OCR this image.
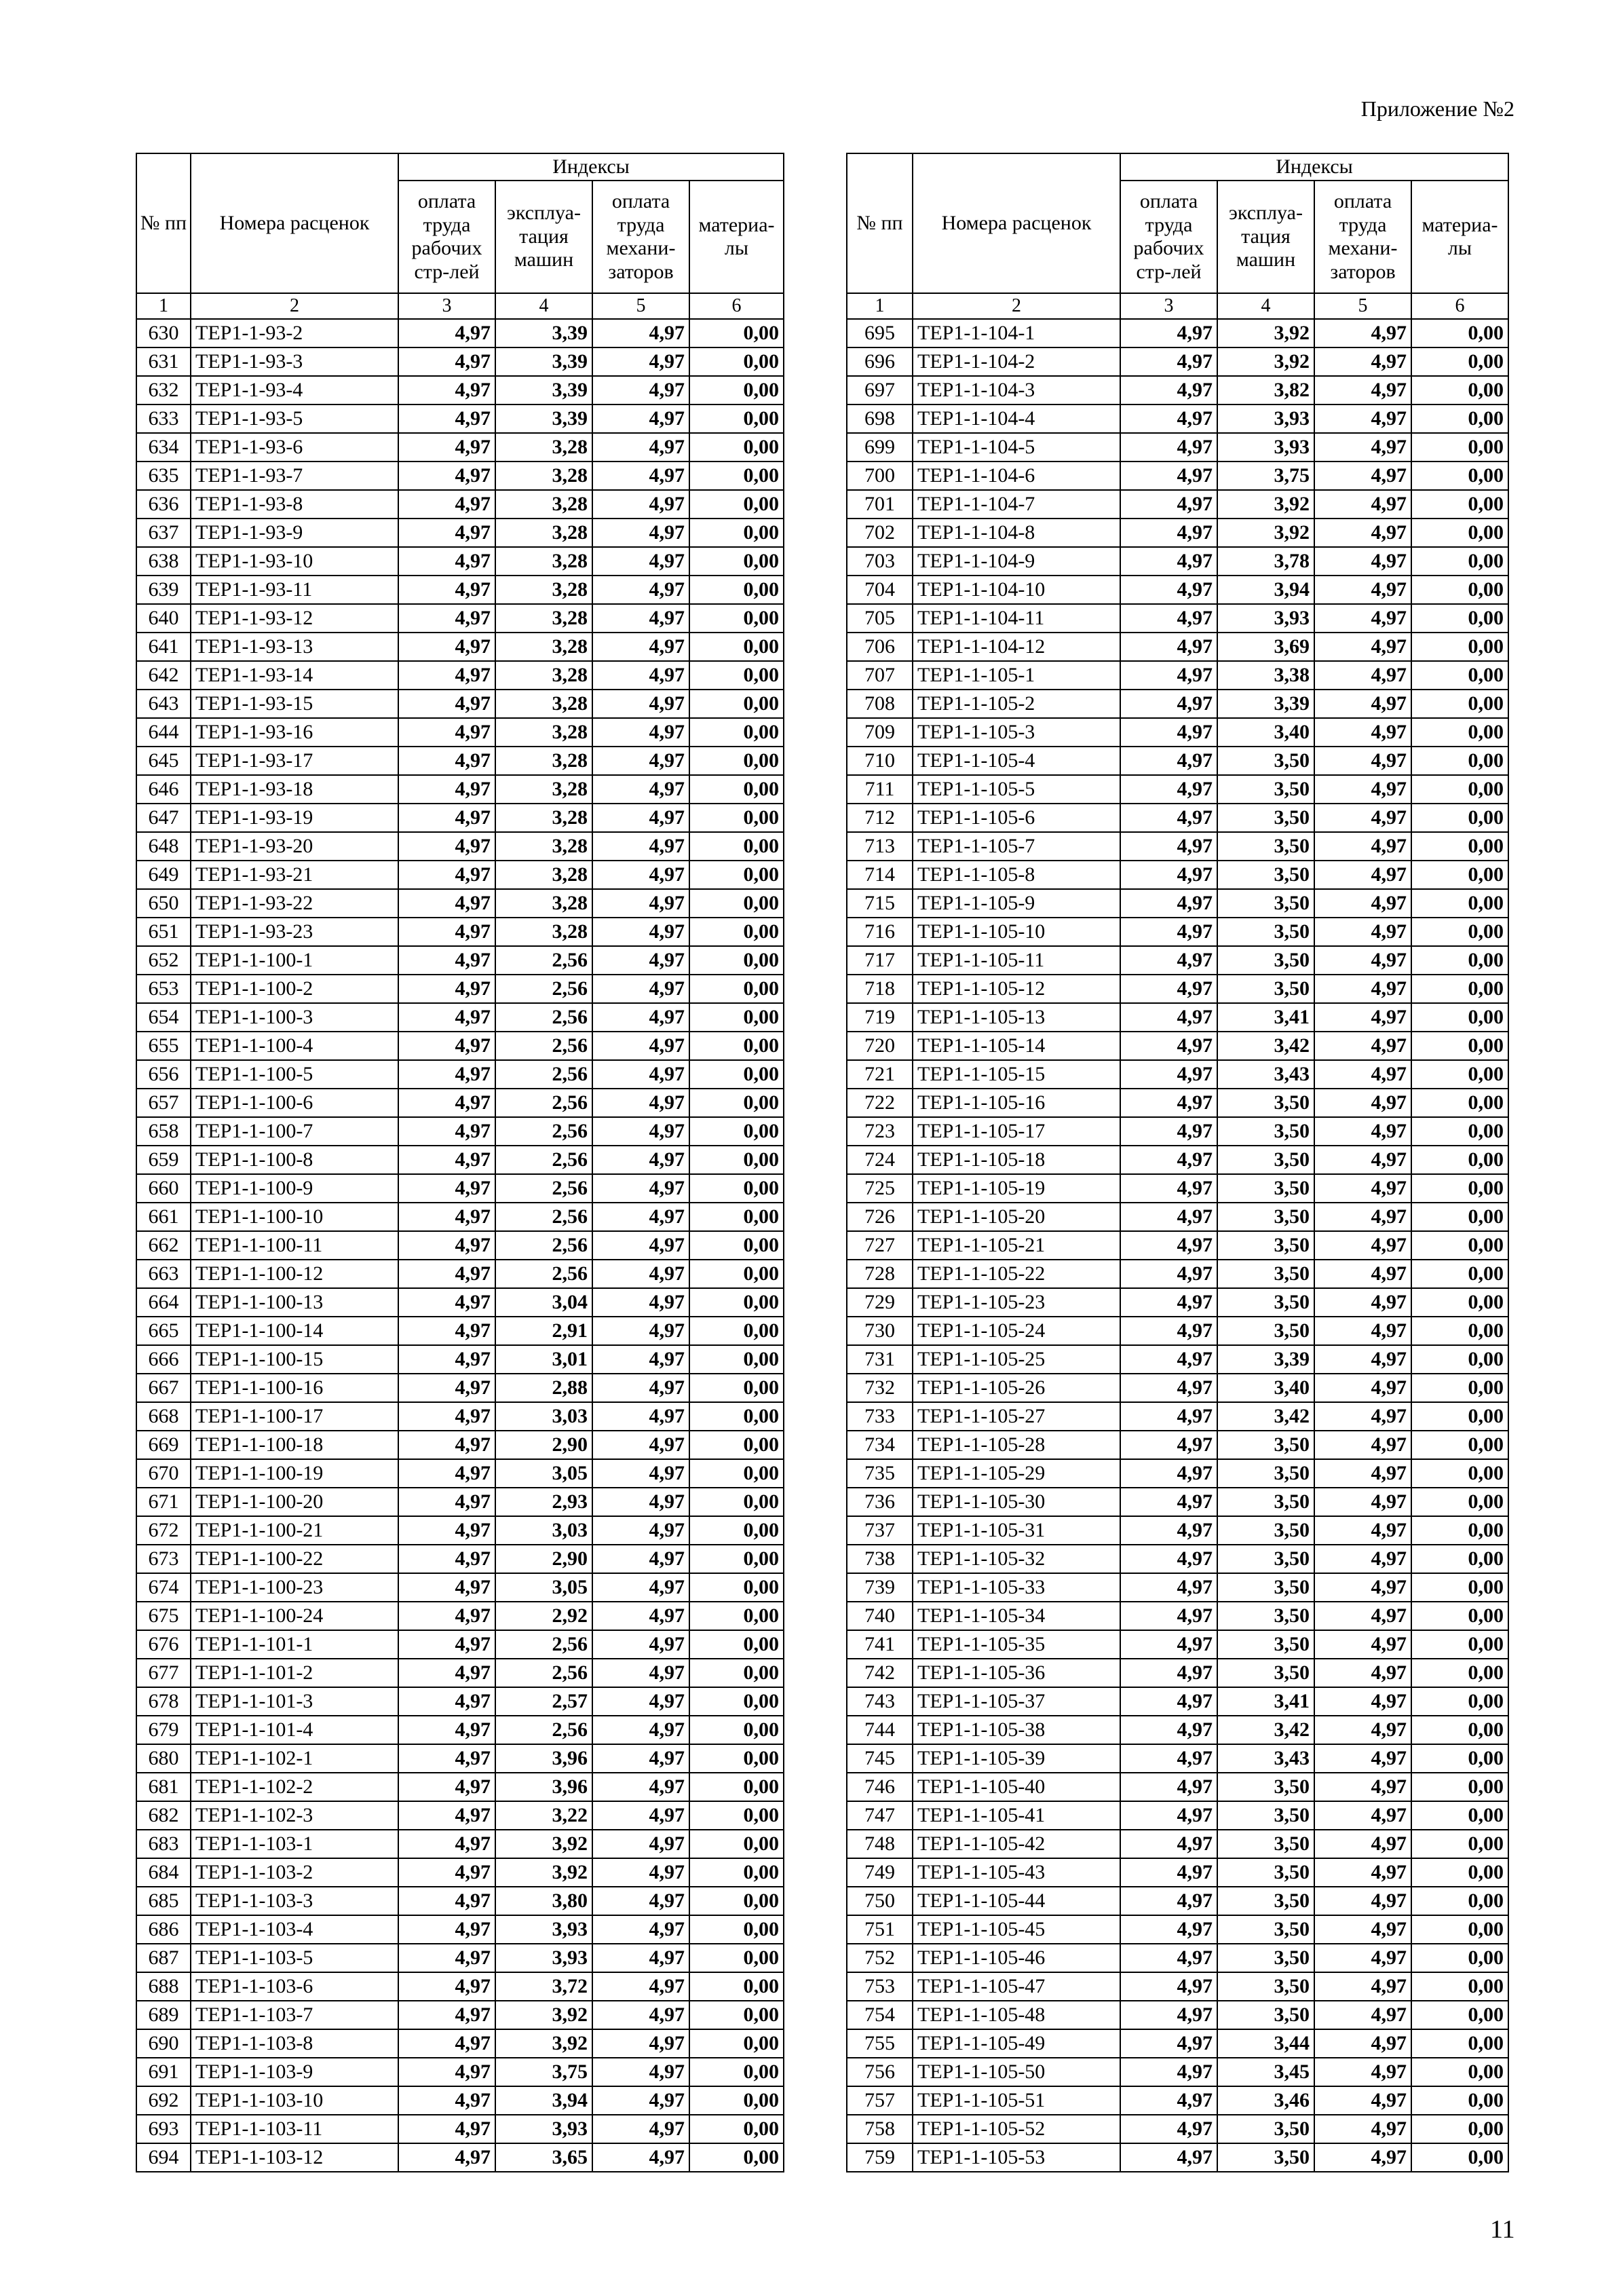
Приложение №2
№ пп	Номера расценок	Индексы			
		оплата труда рабочих стр-лей	эксплуа-тация машин	оплата труда механи-заторов	материа-лы
1	2	3	4	5	6
630	ТЕР1-1-93-2	4,97	3,39	4,97	0,00
631	ТЕР1-1-93-3	4,97	3,39	4,97	0,00
632	ТЕР1-1-93-4	4,97	3,39	4,97	0,00
633	ТЕР1-1-93-5	4,97	3,39	4,97	0,00
634	ТЕР1-1-93-6	4,97	3,28	4,97	0,00
635	ТЕР1-1-93-7	4,97	3,28	4,97	0,00
636	ТЕР1-1-93-8	4,97	3,28	4,97	0,00
637	ТЕР1-1-93-9	4,97	3,28	4,97	0,00
638	ТЕР1-1-93-10	4,97	3,28	4,97	0,00
639	ТЕР1-1-93-11	4,97	3,28	4,97	0,00
640	ТЕР1-1-93-12	4,97	3,28	4,97	0,00
641	ТЕР1-1-93-13	4,97	3,28	4,97	0,00
642	ТЕР1-1-93-14	4,97	3,28	4,97	0,00
643	ТЕР1-1-93-15	4,97	3,28	4,97	0,00
644	ТЕР1-1-93-16	4,97	3,28	4,97	0,00
645	ТЕР1-1-93-17	4,97	3,28	4,97	0,00
646	ТЕР1-1-93-18	4,97	3,28	4,97	0,00
647	ТЕР1-1-93-19	4,97	3,28	4,97	0,00
648	ТЕР1-1-93-20	4,97	3,28	4,97	0,00
649	ТЕР1-1-93-21	4,97	3,28	4,97	0,00
650	ТЕР1-1-93-22	4,97	3,28	4,97	0,00
651	ТЕР1-1-93-23	4,97	3,28	4,97	0,00
652	ТЕР1-1-100-1	4,97	2,56	4,97	0,00
653	ТЕР1-1-100-2	4,97	2,56	4,97	0,00
654	ТЕР1-1-100-3	4,97	2,56	4,97	0,00
655	ТЕР1-1-100-4	4,97	2,56	4,97	0,00
656	ТЕР1-1-100-5	4,97	2,56	4,97	0,00
657	ТЕР1-1-100-6	4,97	2,56	4,97	0,00
658	ТЕР1-1-100-7	4,97	2,56	4,97	0,00
659	ТЕР1-1-100-8	4,97	2,56	4,97	0,00
660	ТЕР1-1-100-9	4,97	2,56	4,97	0,00
661	ТЕР1-1-100-10	4,97	2,56	4,97	0,00
662	ТЕР1-1-100-11	4,97	2,56	4,97	0,00
663	ТЕР1-1-100-12	4,97	2,56	4,97	0,00
664	ТЕР1-1-100-13	4,97	3,04	4,97	0,00
665	ТЕР1-1-100-14	4,97	2,91	4,97	0,00
666	ТЕР1-1-100-15	4,97	3,01	4,97	0,00
667	ТЕР1-1-100-16	4,97	2,88	4,97	0,00
668	ТЕР1-1-100-17	4,97	3,03	4,97	0,00
669	ТЕР1-1-100-18	4,97	2,90	4,97	0,00
670	ТЕР1-1-100-19	4,97	3,05	4,97	0,00
671	ТЕР1-1-100-20	4,97	2,93	4,97	0,00
672	ТЕР1-1-100-21	4,97	3,03	4,97	0,00
673	ТЕР1-1-100-22	4,97	2,90	4,97	0,00
674	ТЕР1-1-100-23	4,97	3,05	4,97	0,00
675	ТЕР1-1-100-24	4,97	2,92	4,97	0,00
676	ТЕР1-1-101-1	4,97	2,56	4,97	0,00
677	ТЕР1-1-101-2	4,97	2,56	4,97	0,00
678	ТЕР1-1-101-3	4,97	2,57	4,97	0,00
679	ТЕР1-1-101-4	4,97	2,56	4,97	0,00
680	ТЕР1-1-102-1	4,97	3,96	4,97	0,00
681	ТЕР1-1-102-2	4,97	3,96	4,97	0,00
682	ТЕР1-1-102-3	4,97	3,22	4,97	0,00
683	ТЕР1-1-103-1	4,97	3,92	4,97	0,00
684	ТЕР1-1-103-2	4,97	3,92	4,97	0,00
685	ТЕР1-1-103-3	4,97	3,80	4,97	0,00
686	ТЕР1-1-103-4	4,97	3,93	4,97	0,00
687	ТЕР1-1-103-5	4,97	3,93	4,97	0,00
688	ТЕР1-1-103-6	4,97	3,72	4,97	0,00
689	ТЕР1-1-103-7	4,97	3,92	4,97	0,00
690	ТЕР1-1-103-8	4,97	3,92	4,97	0,00
691	ТЕР1-1-103-9	4,97	3,75	4,97	0,00
692	ТЕР1-1-103-10	4,97	3,94	4,97	0,00
693	ТЕР1-1-103-11	4,97	3,93	4,97	0,00
694	ТЕР1-1-103-12	4,97	3,65	4,97	0,00
№ пп	Номера расценок	Индексы			
		оплата труда рабочих стр-лей	эксплуа-тация машин	оплата труда механи-заторов	материа-лы
1	2	3	4	5	6
695	ТЕР1-1-104-1	4,97	3,92	4,97	0,00
696	ТЕР1-1-104-2	4,97	3,92	4,97	0,00
697	ТЕР1-1-104-3	4,97	3,82	4,97	0,00
698	ТЕР1-1-104-4	4,97	3,93	4,97	0,00
699	ТЕР1-1-104-5	4,97	3,93	4,97	0,00
700	ТЕР1-1-104-6	4,97	3,75	4,97	0,00
701	ТЕР1-1-104-7	4,97	3,92	4,97	0,00
702	ТЕР1-1-104-8	4,97	3,92	4,97	0,00
703	ТЕР1-1-104-9	4,97	3,78	4,97	0,00
704	ТЕР1-1-104-10	4,97	3,94	4,97	0,00
705	ТЕР1-1-104-11	4,97	3,93	4,97	0,00
706	ТЕР1-1-104-12	4,97	3,69	4,97	0,00
707	ТЕР1-1-105-1	4,97	3,38	4,97	0,00
708	ТЕР1-1-105-2	4,97	3,39	4,97	0,00
709	ТЕР1-1-105-3	4,97	3,40	4,97	0,00
710	ТЕР1-1-105-4	4,97	3,50	4,97	0,00
711	ТЕР1-1-105-5	4,97	3,50	4,97	0,00
712	ТЕР1-1-105-6	4,97	3,50	4,97	0,00
713	ТЕР1-1-105-7	4,97	3,50	4,97	0,00
714	ТЕР1-1-105-8	4,97	3,50	4,97	0,00
715	ТЕР1-1-105-9	4,97	3,50	4,97	0,00
716	ТЕР1-1-105-10	4,97	3,50	4,97	0,00
717	ТЕР1-1-105-11	4,97	3,50	4,97	0,00
718	ТЕР1-1-105-12	4,97	3,50	4,97	0,00
719	ТЕР1-1-105-13	4,97	3,41	4,97	0,00
720	ТЕР1-1-105-14	4,97	3,42	4,97	0,00
721	ТЕР1-1-105-15	4,97	3,43	4,97	0,00
722	ТЕР1-1-105-16	4,97	3,50	4,97	0,00
723	ТЕР1-1-105-17	4,97	3,50	4,97	0,00
724	ТЕР1-1-105-18	4,97	3,50	4,97	0,00
725	ТЕР1-1-105-19	4,97	3,50	4,97	0,00
726	ТЕР1-1-105-20	4,97	3,50	4,97	0,00
727	ТЕР1-1-105-21	4,97	3,50	4,97	0,00
728	ТЕР1-1-105-22	4,97	3,50	4,97	0,00
729	ТЕР1-1-105-23	4,97	3,50	4,97	0,00
730	ТЕР1-1-105-24	4,97	3,50	4,97	0,00
731	ТЕР1-1-105-25	4,97	3,39	4,97	0,00
732	ТЕР1-1-105-26	4,97	3,40	4,97	0,00
733	ТЕР1-1-105-27	4,97	3,42	4,97	0,00
734	ТЕР1-1-105-28	4,97	3,50	4,97	0,00
735	ТЕР1-1-105-29	4,97	3,50	4,97	0,00
736	ТЕР1-1-105-30	4,97	3,50	4,97	0,00
737	ТЕР1-1-105-31	4,97	3,50	4,97	0,00
738	ТЕР1-1-105-32	4,97	3,50	4,97	0,00
739	ТЕР1-1-105-33	4,97	3,50	4,97	0,00
740	ТЕР1-1-105-34	4,97	3,50	4,97	0,00
741	ТЕР1-1-105-35	4,97	3,50	4,97	0,00
742	ТЕР1-1-105-36	4,97	3,50	4,97	0,00
743	ТЕР1-1-105-37	4,97	3,41	4,97	0,00
744	ТЕР1-1-105-38	4,97	3,42	4,97	0,00
745	ТЕР1-1-105-39	4,97	3,43	4,97	0,00
746	ТЕР1-1-105-40	4,97	3,50	4,97	0,00
747	ТЕР1-1-105-41	4,97	3,50	4,97	0,00
748	ТЕР1-1-105-42	4,97	3,50	4,97	0,00
749	ТЕР1-1-105-43	4,97	3,50	4,97	0,00
750	ТЕР1-1-105-44	4,97	3,50	4,97	0,00
751	ТЕР1-1-105-45	4,97	3,50	4,97	0,00
752	ТЕР1-1-105-46	4,97	3,50	4,97	0,00
753	ТЕР1-1-105-47	4,97	3,50	4,97	0,00
754	ТЕР1-1-105-48	4,97	3,50	4,97	0,00
755	ТЕР1-1-105-49	4,97	3,44	4,97	0,00
756	ТЕР1-1-105-50	4,97	3,45	4,97	0,00
757	ТЕР1-1-105-51	4,97	3,46	4,97	0,00
758	ТЕР1-1-105-52	4,97	3,50	4,97	0,00
759	ТЕР1-1-105-53	4,97	3,50	4,97	0,00
11
